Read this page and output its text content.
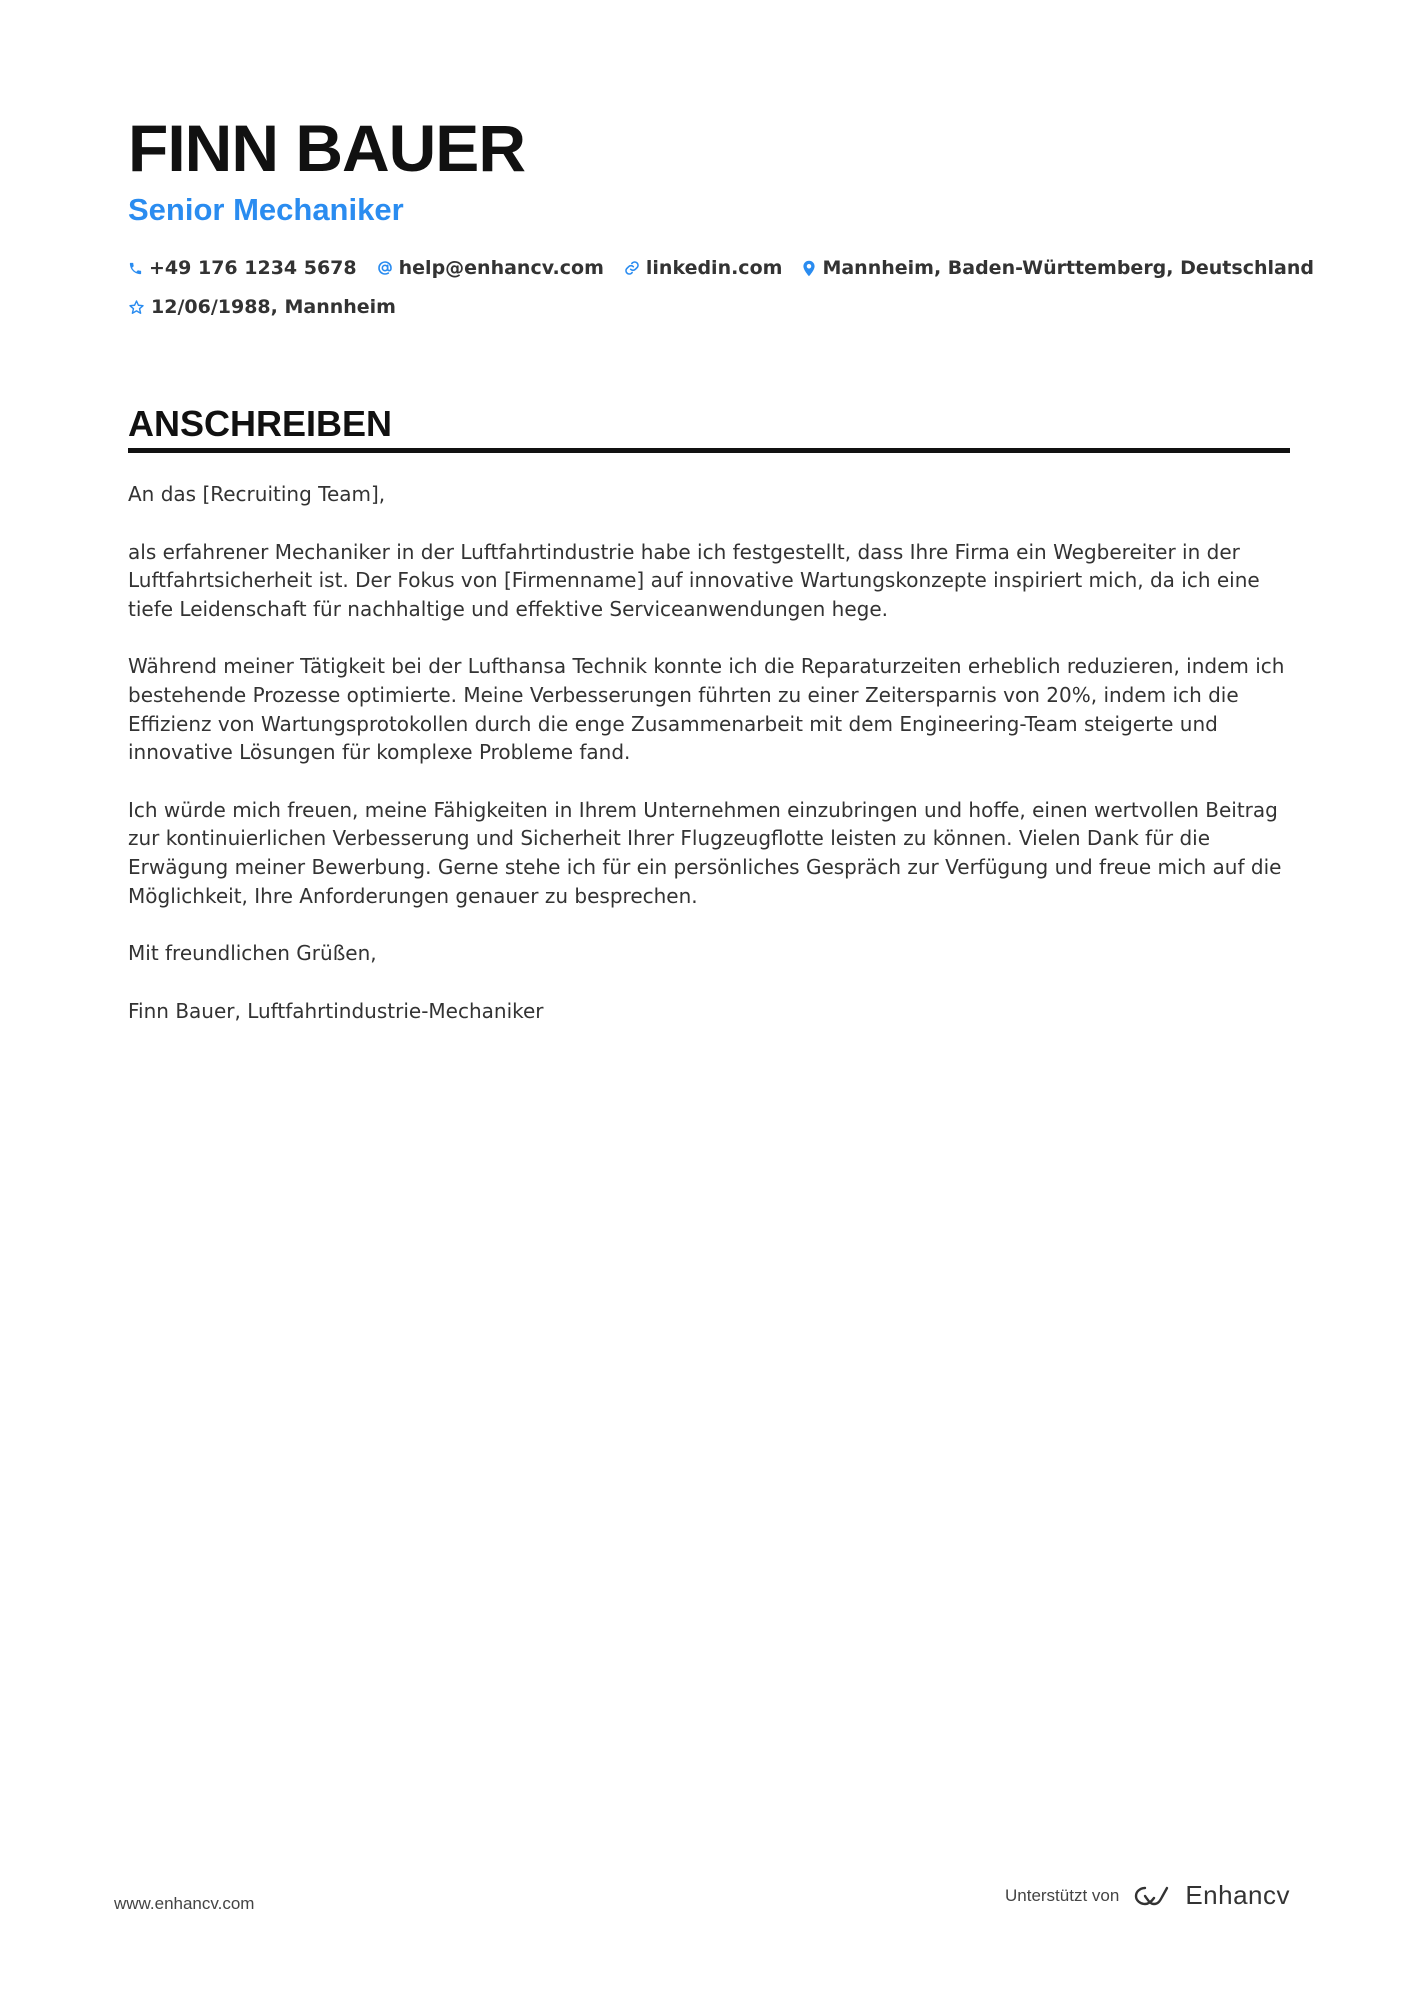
FINN BAUER
Senior Mechaniker
+49 176 1234 5678 help@enhancv.com linkedin.com Mannheim, Baden-Württemberg, Deutschland
12/06/1988, Mannheim
ANSCHREIBEN

An das [Recruiting Team],

als erfahrener Mechaniker in der Luftfahrtindustrie habe ich festgestellt, dass Ihre Firma ein Wegbereiter in der Luftfahrtsicherheit ist. Der Fokus von [Firmenname] auf innovative Wartungskonzepte inspiriert mich, da ich eine tiefe Leidenschaft für nachhaltige und effektive Serviceanwendungen hege.

Während meiner Tätigkeit bei der Lufthansa Technik konnte ich die Reparaturzeiten erheblich reduzieren, indem ich bestehende Prozesse optimierte. Meine Verbesserungen führten zu einer Zeitersparnis von 20%, indem ich die Effizienz von Wartungsprotokollen durch die enge Zusammenarbeit mit dem Engineering-Team steigerte und innovative Lösungen für komplexe Probleme fand.

Ich würde mich freuen, meine Fähigkeiten in Ihrem Unternehmen einzubringen und hoffe, einen wertvollen Beitrag zur kontinuierlichen Verbesserung und Sicherheit Ihrer Flugzeugflotte leisten zu können. Vielen Dank für die Erwägung meiner Bewerbung. Gerne stehe ich für ein persönliches Gespräch zur Verfügung und freue mich auf die Möglichkeit, Ihre Anforderungen genauer zu besprechen.

Mit freundlichen Grüßen,

Finn Bauer, Luftfahrtindustrie-Mechaniker

www.enhancv.com	Unterstützt von	Enhancv
